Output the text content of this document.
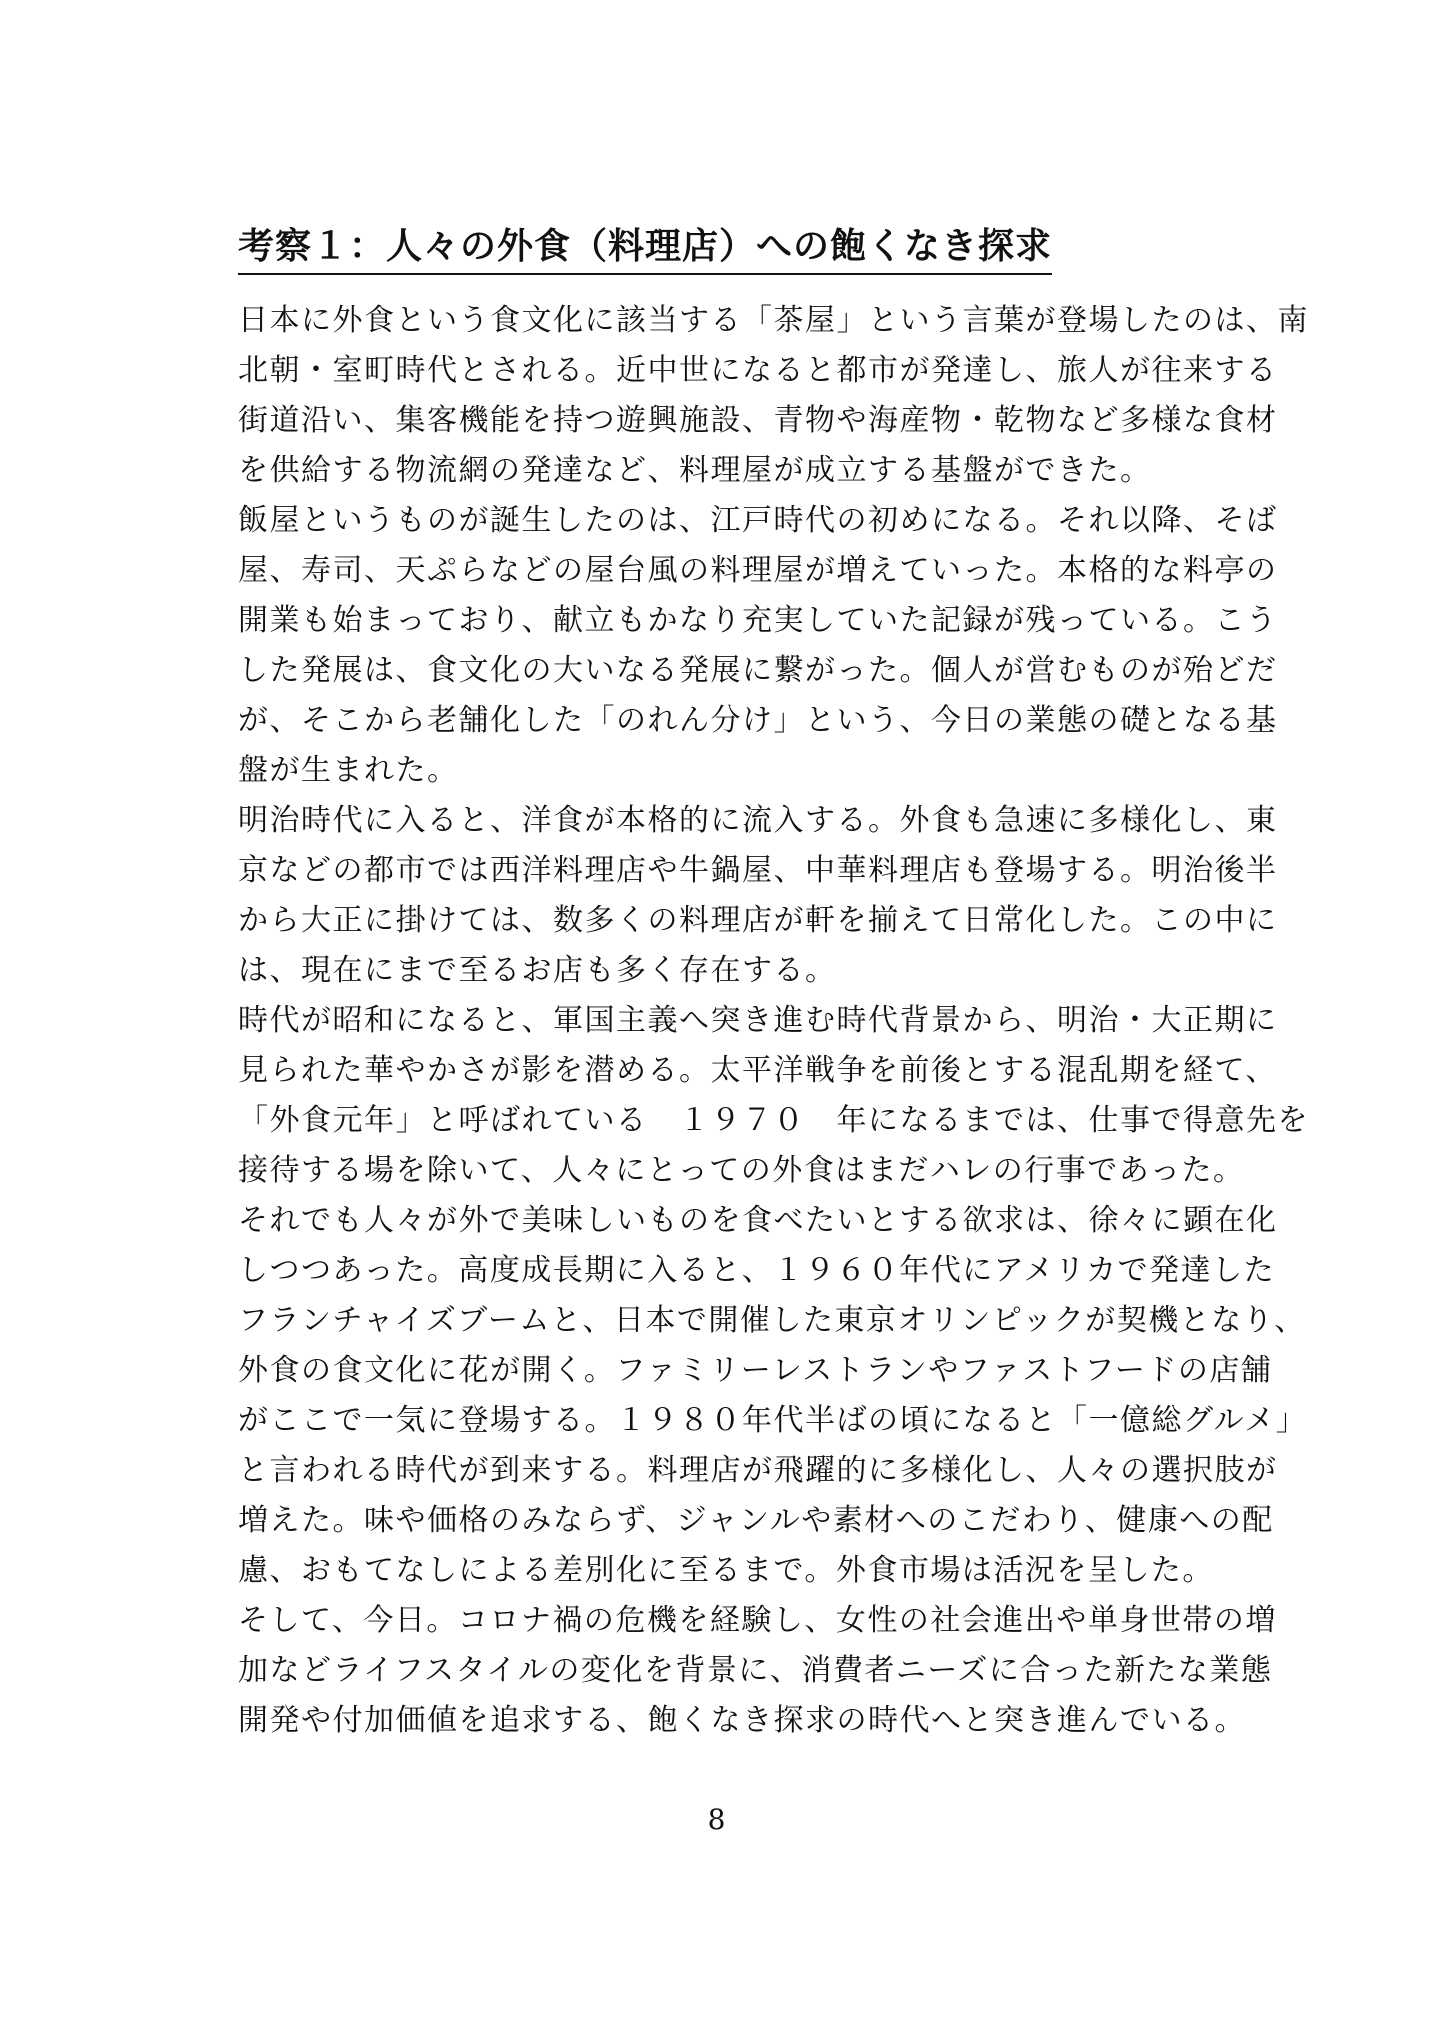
考察１：人々の外食（料理店）への飽くなき探求
日本に外食という食文化に該当する「茶屋」という言葉が登場したのは、南
北朝・室町時代とされる。近中世になると都市が発達し、旅人が往来する
街道沿い、集客機能を持つ遊興施設、青物や海産物・乾物など多様な食材
を供給する物流網の発達など、料理屋が成立する基盤ができた。
飯屋というものが誕生したのは、江戸時代の初めになる。それ以降、そば
屋、寿司、天ぷらなどの屋台風の料理屋が増えていった。本格的な料亭の
開業も始まっており、献立もかなり充実していた記録が残っている。こう
した発展は、食文化の大いなる発展に繋がった。個人が営むものが殆どだ
が、そこから老舗化した「のれん分け」という、今日の業態の礎となる基
盤が生まれた。
明治時代に入ると、洋食が本格的に流入する。外食も急速に多様化し、東
京などの都市では西洋料理店や牛鍋屋、中華料理店も登場する。明治後半
から大正に掛けては、数多くの料理店が軒を揃えて日常化した。この中に
は、現在にまで至るお店も多く存在する。
時代が昭和になると、軍国主義へ突き進む時代背景から、明治・大正期に
見られた華やかさが影を潜める。太平洋戦争を前後とする混乱期を経て、
「外食元年」と呼ばれている　１９７０　年になるまでは、仕事で得意先を
接待する場を除いて、人々にとっての外食はまだハレの行事であった。
それでも人々が外で美味しいものを食べたいとする欲求は、徐々に顕在化
しつつあった。高度成長期に入ると、１９６０年代にアメリカで発達した
フランチャイズブームと、日本で開催した東京オリンピックが契機となり、
外食の食文化に花が開く。ファミリーレストランやファストフードの店舗
がここで一気に登場する。１９８０年代半ばの頃になると「一億総グルメ」
と言われる時代が到来する。料理店が飛躍的に多様化し、人々の選択肢が
増えた。味や価格のみならず、ジャンルや素材へのこだわり、健康への配
慮、おもてなしによる差別化に至るまで。外食市場は活況を呈した。
そして、今日。コロナ禍の危機を経験し、女性の社会進出や単身世帯の増
加などライフスタイルの変化を背景に、消費者ニーズに合った新たな業態
開発や付加価値を追求する、飽くなき探求の時代へと突き進んでいる。
8
